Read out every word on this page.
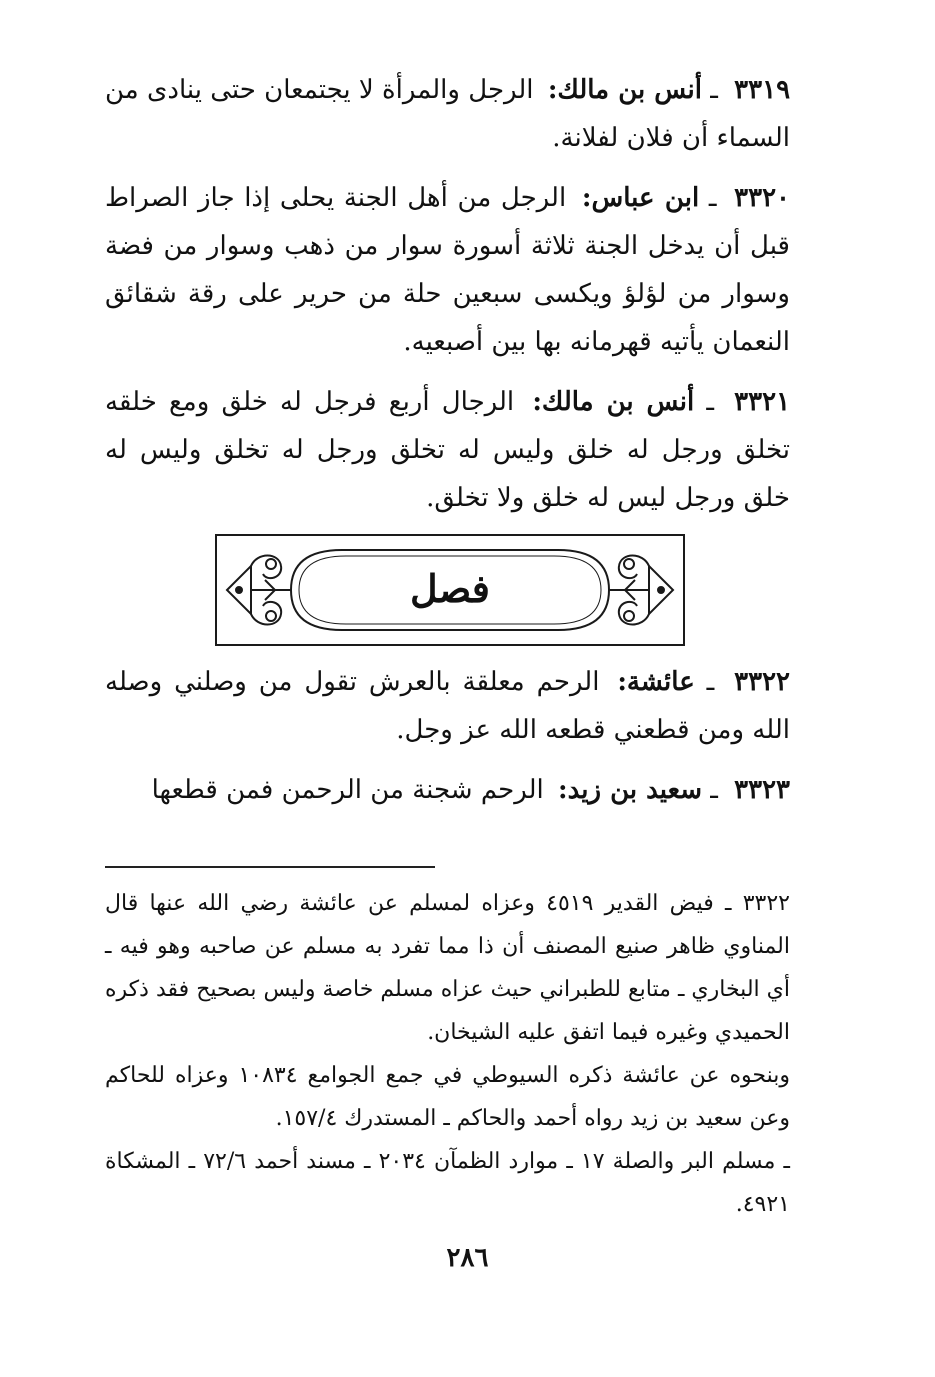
٣٣١٩ ـ أنس بن مالك: الرجل والمرأة لا يجتمعان حتى ينادى من السماء أن فلان لفلانة.

٣٣٢٠ ـ ابن عباس: الرجل من أهل الجنة يحلى إذا جاز الصراط قبل أن يدخل الجنة ثلاثة أسورة سوار من ذهب وسوار من فضة وسوار من لؤلؤ ويكسى سبعين حلة من حرير على رقة شقائق النعمان يأتيه قهرمانه بها بين أصبعيه.

٣٣٢١ ـ أنس بن مالك: الرجال أربع فرجل له خلق ومع خلقه تخلق ورجل له خلق وليس له تخلق ورجل له تخلق وليس له خلق ورجل ليس له خلق ولا تخلق.

فصل

٣٣٢٢ ـ عائشة: الرحم معلقة بالعرش تقول من وصلني وصله الله ومن قطعني قطعه الله عز وجل.

٣٣٢٣ ـ سعيد بن زيد: الرحم شجنة من الرحمن فمن قطعها

٣٣٢٢ ـ فيض القدير ٤٥١٩ وعزاه لمسلم عن عائشة رضي الله عنها قال المناوي ظاهر صنيع المصنف أن ذا مما تفرد به مسلم عن صاحبه وهو فيه ـ أي البخاري ـ متابع للطبراني حيث عزاه مسلم خاصة وليس بصحيح فقد ذكره الحميدي وغيره فيما اتفق عليه الشيخان.

وبنحوه عن عائشة ذكره السيوطي في جمع الجوامع ١٠٨٣٤ وعزاه للحاكم وعن سعيد بن زيد رواه أحمد والحاكم ـ المستدرك ١٥٧/٤.

ـ مسلم البر والصلة ١٧ ـ موارد الظمآن ٢٠٣٤ ـ مسند أحمد ٧٢/٦ ـ المشكاة ٤٩٢١.

٢٨٦
